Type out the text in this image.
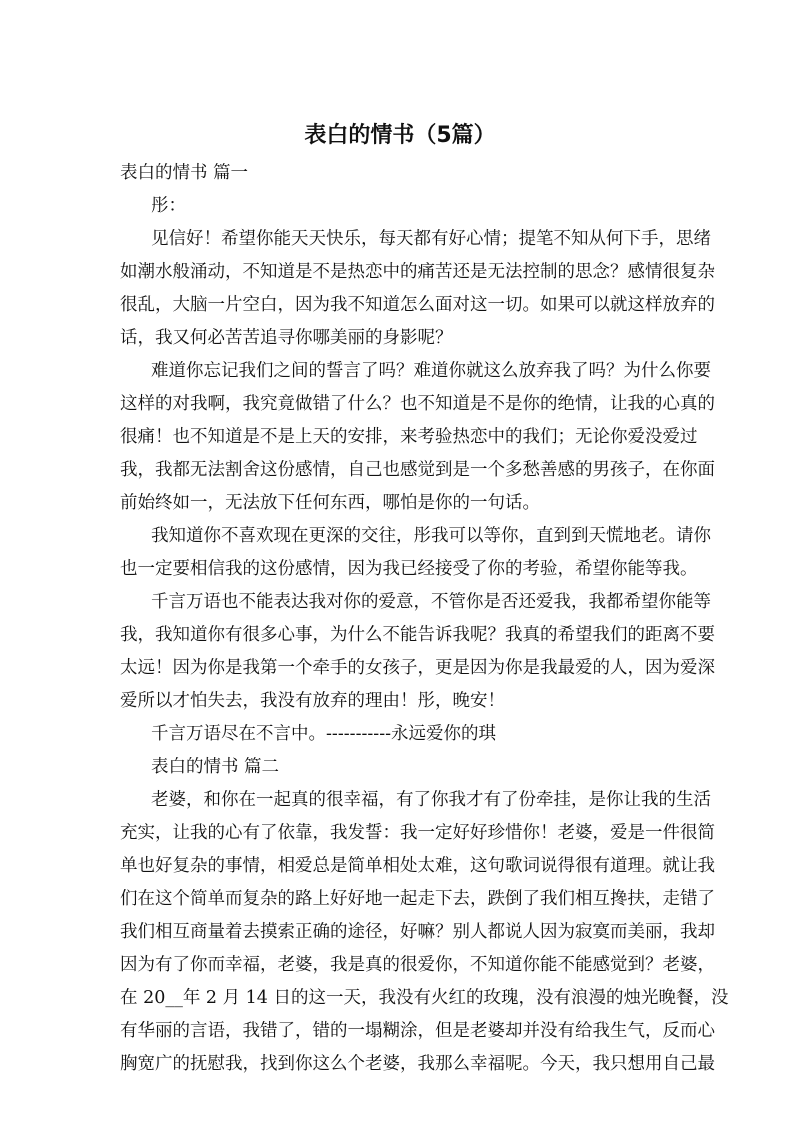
表白的情书（5篇）

表白的情书 篇一

彤：

见信好！希望你能天天快乐，每天都有好心情；提笔不知从何下手，思绪

如潮水般涌动，不知道是不是热恋中的痛苦还是无法控制的思念？感情很复杂

很乱，大脑一片空白，因为我不知道怎么面对这一切。如果可以就这样放弃的

话，我又何必苦苦追寻你哪美丽的身影呢？

难道你忘记我们之间的誓言了吗？难道你就这么放弃我了吗？为什么你要

这样的对我啊，我究竟做错了什么？也不知道是不是你的绝情，让我的心真的

很痛！也不知道是不是上天的安排，来考验热恋中的我们；无论你爱没爱过

我，我都无法割舍这份感情，自己也感觉到是一个多愁善感的男孩子，在你面

前始终如一，无法放下任何东西，哪怕是你的一句话。

我知道你不喜欢现在更深的交往，彤我可以等你，直到到天慌地老。请你

也一定要相信我的这份感情，因为我已经接受了你的考验，希望你能等我。

千言万语也不能表达我对你的爱意，不管你是否还爱我，我都希望你能等

我，我知道你有很多心事，为什么不能告诉我呢？我真的希望我们的距离不要

太远！因为你是我第一个牵手的女孩子，更是因为你是我最爱的人，因为爱深

爱所以才怕失去，我没有放弃的理由！彤，晚安！

千言万语尽在不言中。-----------永远爱你的琪

表白的情书 篇二

老婆，和你在一起真的很幸福，有了你我才有了份牵挂，是你让我的生活

充实，让我的心有了依靠，我发誓：我一定好好珍惜你！老婆，爱是一件很简

单也好复杂的事情，相爱总是简单相处太难，这句歌词说得很有道理。就让我

们在这个简单而复杂的路上好好地一起走下去，跌倒了我们相互搀扶，走错了

我们相互商量着去摸索正确的途径，好嘛？别人都说人因为寂寞而美丽，我却

因为有了你而幸福，老婆，我是真的很爱你，不知道你能不能感觉到？老婆，

在 20__年 2 月 14 日的这一天，我没有火红的玫瑰，没有浪漫的烛光晚餐，没

有华丽的言语，我错了，错的一塌糊涂，但是老婆却并没有给我生气，反而心

胸宽广的抚慰我，找到你这么个老婆，我那么幸福呢。今天，我只想用自己最
